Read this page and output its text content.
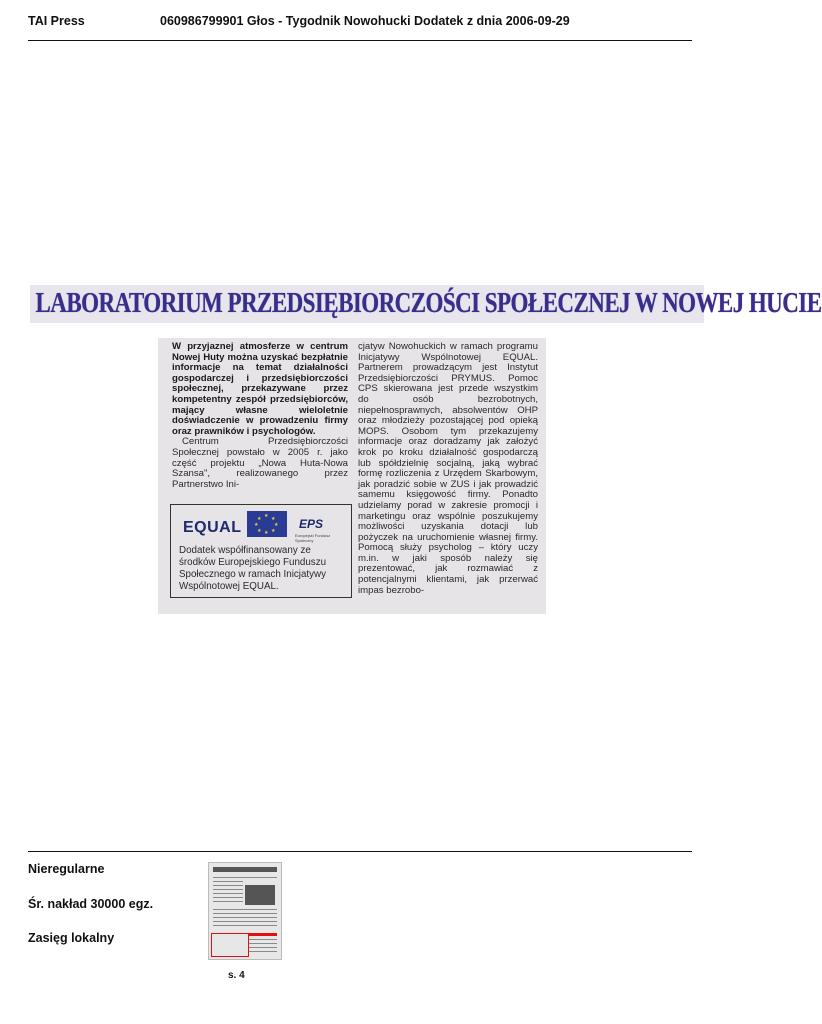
TAI Press	060986799901 Głos - Tygodnik Nowohucki Dodatek z dnia 2006-09-29
LABORATORIUM PRZEDSIĘBIORCZOŚCI SPOŁECZNEJ W NOWEJ HUCIE

W przyjaznej atmosferze w centrum Nowej Huty można uzyskać bezpłatnie informacje na temat działalności gospodarczej i przedsiębiorczości społecznej, przekazywane przez kompetentny zespół przedsiębiorców, mający własne wieloletnie doświadczenie w prowadzeniu firmy oraz prawników i psychologów.

Centrum Przedsiębiorczości Społecznej powstało w 2005 r. jako część projektu „Nowa Huta-Nowa Szansa", realizowanego przez Partnerstwo Ini-

EQUAL
★ ★
★
★
★
★
★
★	EPS
Europejski Fundusz Społeczny
Dodatek współfinansowany ze środków Europejskiego Funduszu Społecznego w ramach Inicjatywy Wspólnotowej EQUAL.

cjatyw Nowohuckich w ramach programu Inicjatywy Wspólnotowej EQUAL. Partnerem prowadzącym jest Instytut Przedsiębiorczości PRYMUS. Pomoc CPS skierowana jest przede wszystkim do osób bezrobotnych, niepełnosprawnych, absolwentów OHP oraz młodzieży pozostającej pod opieką MOPS. Osobom tym przekazujemy informacje oraz doradzamy jak założyć krok po kroku działalność gospodarczą lub spółdzielnię socjalną, jaką wybrać formę rozliczenia z Urzędem Skarbowym, jak poradzić sobie w ZUS i jak prowadzić samemu księgowość firmy. Ponadto udzielamy porad w zakresie promocji i marketingu oraz wspólnie poszukujemy możliwości uzyskania dotacji lub pożyczek na uruchomienie własnej firmy. Pomocą służy psycholog – który uczy m.in. w jaki sposób należy się prezentować, jak rozmawiać z potencjalnymi klientami, jak przerwać impas bezrobo-

Nieregularne
Śr. nakład 30000 egz.
Zasięg lokalny
s. 4
